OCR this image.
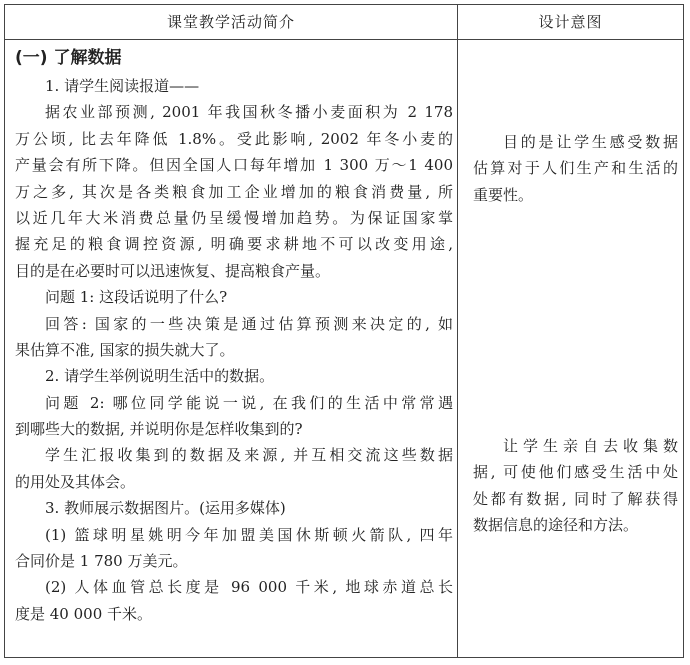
课堂教学活动简介	设计意图
(一) 了解数据
1. 请学生阅读报道——
据农业部预测, 2001 年我国秋冬播小麦面积为 2 178
万公顷, 比去年降低 1.8%。受此影响, 2002 年冬小麦的
产量会有所下降。但因全国人口每年增加 1 300 万～1 400
万之多, 其次是各类粮食加工企业增加的粮食消费量, 所
以近几年大米消费总量仍呈缓慢增加趋势。为保证国家掌
握充足的粮食调控资源, 明确要求耕地不可以改变用途,
目的是在必要时可以迅速恢复、提高粮食产量。
问题 1: 这段话说明了什么?
回答: 国家的一些决策是通过估算预测来决定的, 如
果估算不准, 国家的损失就大了。
2. 请学生举例说明生活中的数据。
问题 2: 哪位同学能说一说, 在我们的生活中常常遇
到哪些大的数据, 并说明你是怎样收集到的?
学生汇报收集到的数据及来源, 并互相交流这些数据
的用处及其体会。
3. 教师展示数据图片。(运用多媒体)
(1) 篮球明星姚明今年加盟美国休斯顿火箭队, 四年
合同价是 1 780 万美元。
(2) 人体血管总长度是 96 000 千米, 地球赤道总长
度是 40 000 千米。
目的是让学生感受数据
估算对于人们生产和生活的
重要性。
让学生亲自去收集数
据, 可使他们感受生活中处
处都有数据, 同时了解获得
数据信息的途径和方法。
